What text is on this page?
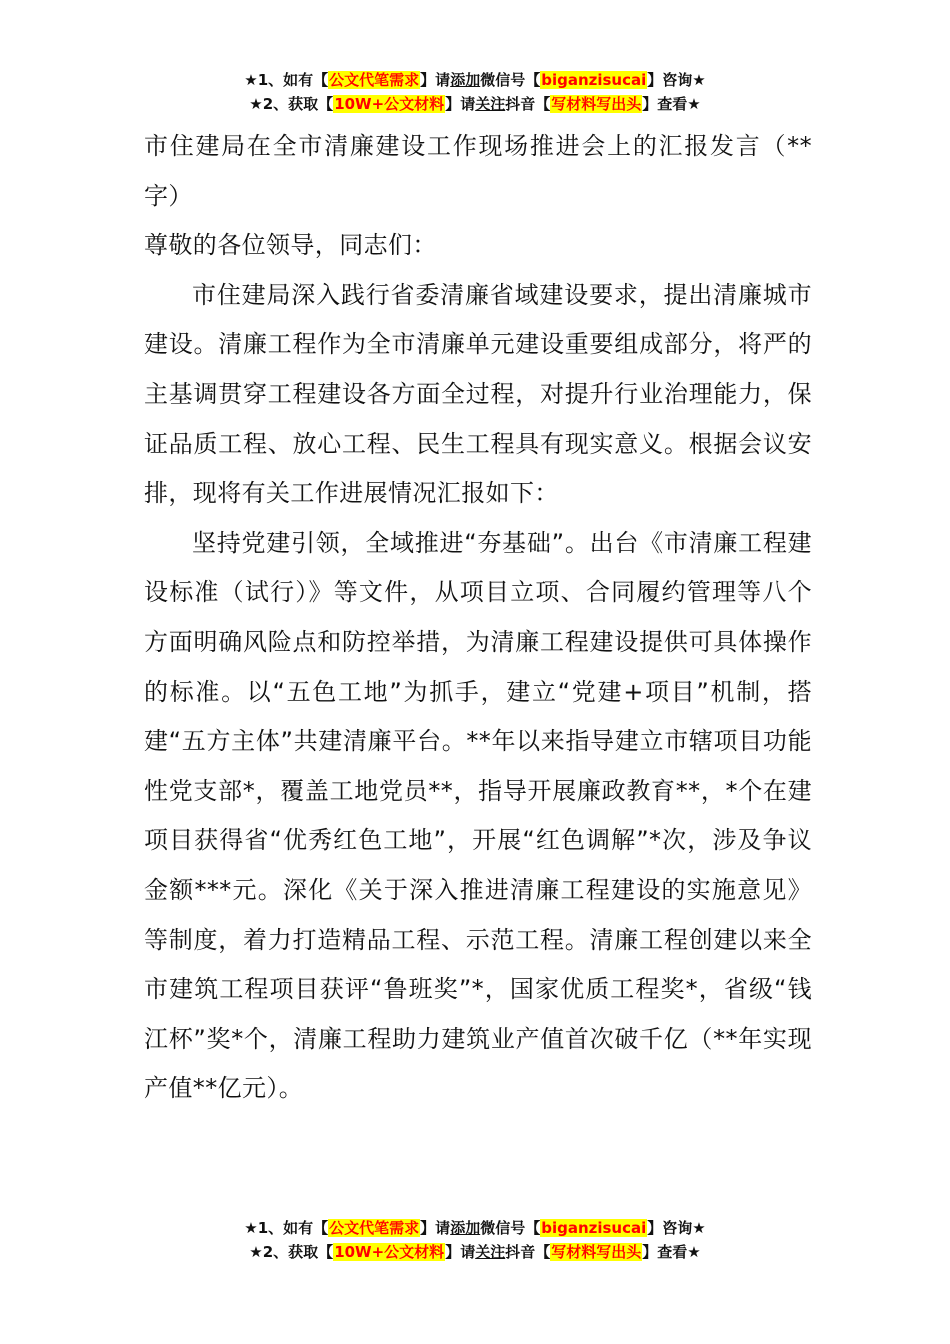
★1、如有【公文代笔需求】请添加微信号【biganzisucai】咨询★
★2、获取【10W+公文材料】请关注抖音【写材料写出头】查看★

市住建局在全市清廉建设工作现场推进会上的汇报发言（**字）

尊敬的各位领导，同志们：

市住建局深入践行省委清廉省域建设要求，提出清廉城市建设。清廉工程作为全市清廉单元建设重要组成部分，将严的主基调贯穿工程建设各方面全过程，对提升行业治理能力，保证品质工程、放心工程、民生工程具有现实意义。根据会议安排，现将有关工作进展情况汇报如下：

坚持党建引领，全域推进“夯基础”。出台《市清廉工程建设标准（试行）》等文件，从项目立项、合同履约管理等八个方面明确风险点和防控举措，为清廉工程建设提供可具体操作的标准。以“五色工地”为抓手，建立“党建+项目”机制，搭建“五方主体”共建清廉平台。**年以来指导建立市辖项目功能性党支部*，覆盖工地党员**，指导开展廉政教育**，*个在建项目获得省“优秀红色工地”，开展“红色调解”*次，涉及争议金额***元。深化《关于深入推进清廉工程建设的实施意见》等制度，着力打造精品工程、示范工程。清廉工程创建以来全市建筑工程项目获评“鲁班奖”*，国家优质工程奖*，省级“钱江杯”奖*个，清廉工程助力建筑业产值首次破千亿（**年实现产值**亿元）。

★1、如有【公文代笔需求】请添加微信号【biganzisucai】咨询★
★2、获取【10W+公文材料】请关注抖音【写材料写出头】查看★
